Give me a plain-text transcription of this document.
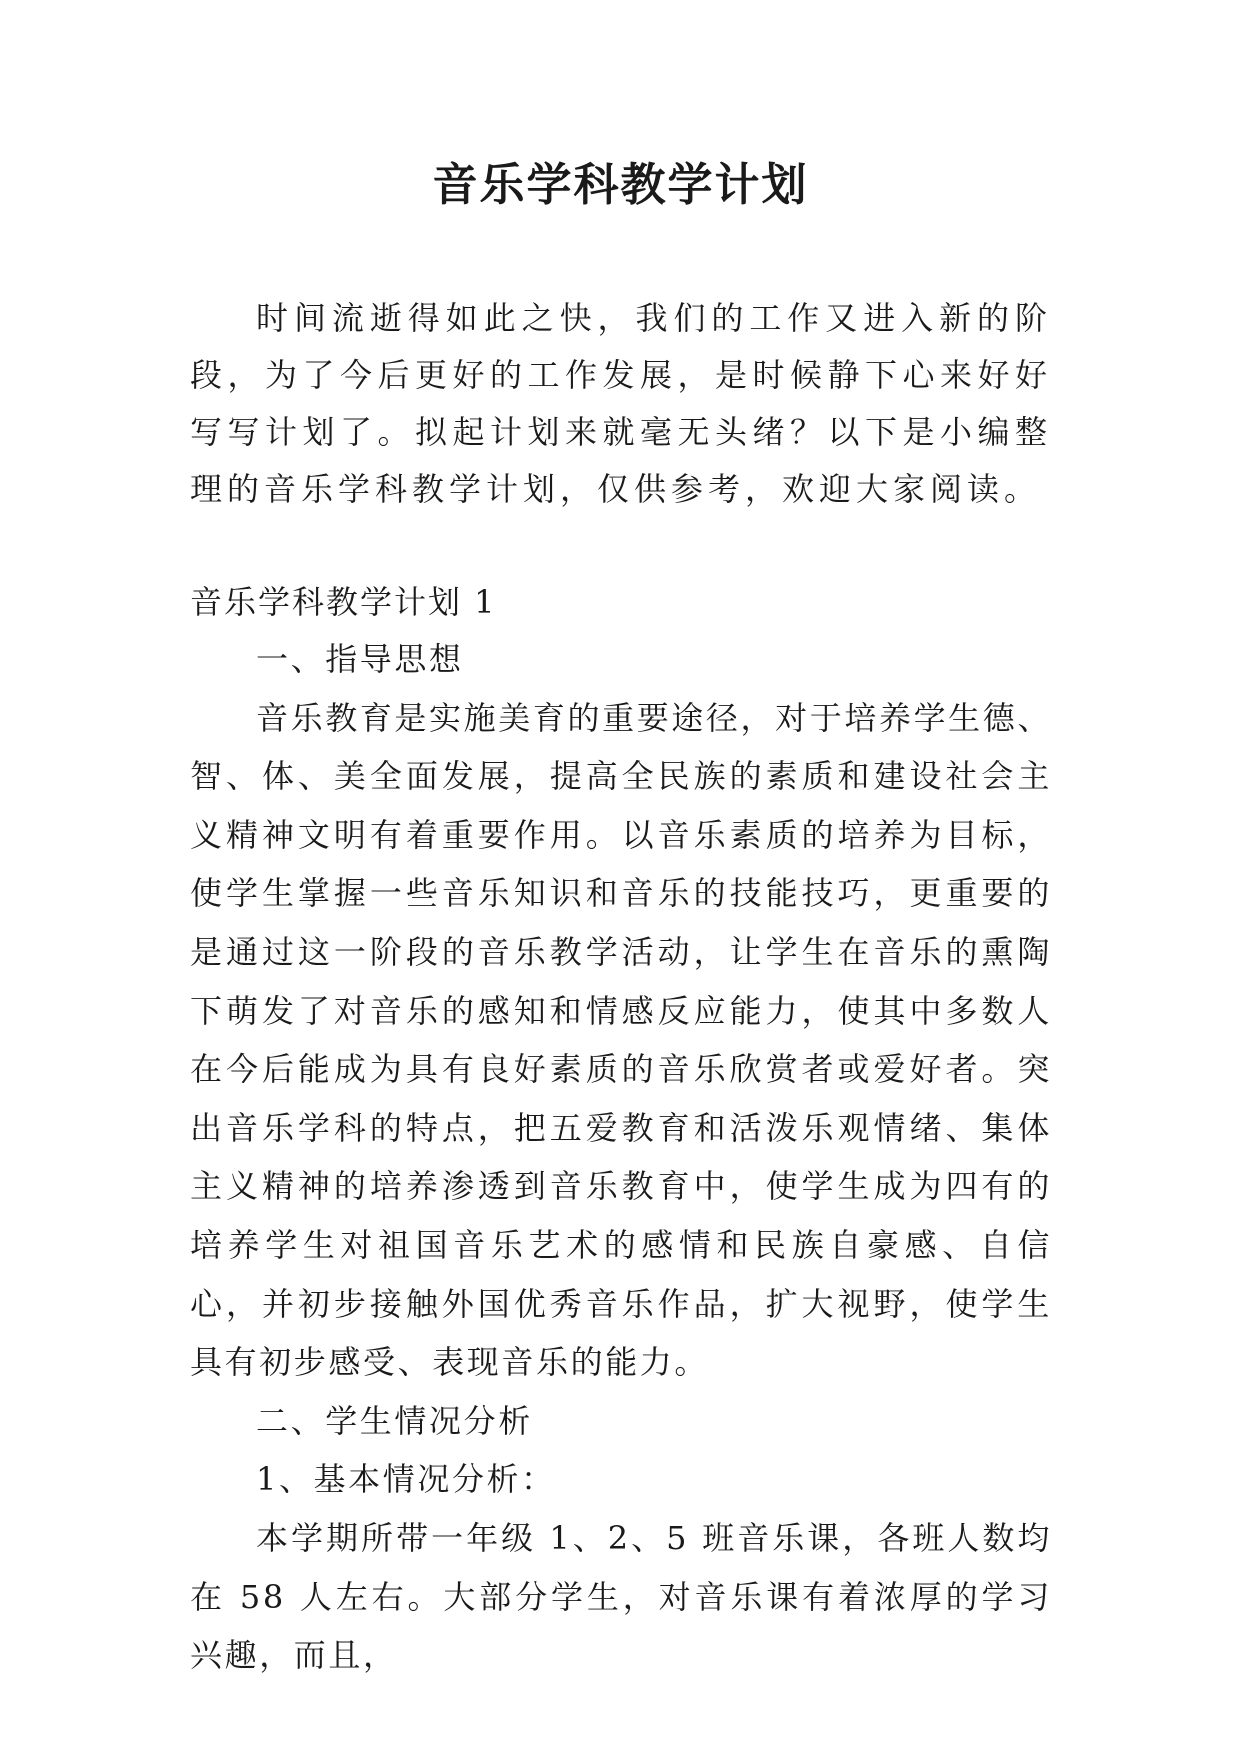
音乐学科教学计划
时间流逝得如此之快，我们的工作又进入新的阶段，为了今后更好的工作发展，是时候静下心来好好写写计划了。拟起计划来就毫无头绪？以下是小编整理的音乐学科教学计划，仅供参考，欢迎大家阅读。
音乐学科教学计划 1

一、指导思想

音乐教育是实施美育的重要途径，对于培养学生德、智、体、美全面发展，提高全民族的素质和建设社会主义精神文明有着重要作用。以音乐素质的培养为目标，使学生掌握一些音乐知识和音乐的技能技巧，更重要的是通过这一阶段的音乐教学活动，让学生在音乐的熏陶下萌发了对音乐的感知和情感反应能力，使其中多数人在今后能成为具有良好素质的音乐欣赏者或爱好者。突出音乐学科的特点，把五爱教育和活泼乐观情绪、集体主义精神的培养渗透到音乐教育中，使学生成为四有的培养学生对祖国音乐艺术的感情和民族自豪感、自信心，并初步接触外国优秀音乐作品，扩大视野，使学生具有初步感受、表现音乐的能力。

二、学生情况分析

1、基本情况分析：

本学期所带一年级 1、2、5 班音乐课，各班人数均在 58 人左右。大部分学生，对音乐课有着浓厚的学习兴趣，而且，
